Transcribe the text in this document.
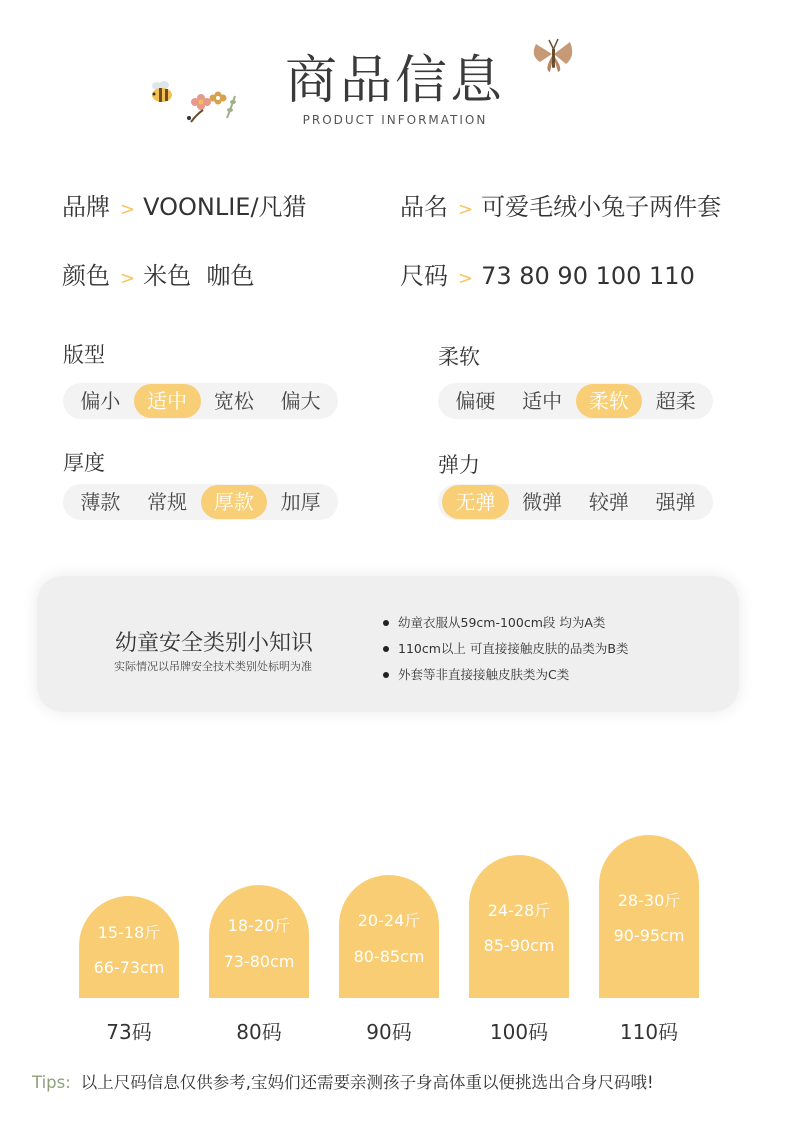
商品信息
PRODUCT INFORMATION
品牌 > VOONLIE/凡猎	品名 > 可爱毛绒小兔子两件套
颜色 > 米色  咖色	尺码 > 73 80 90 100 110
版型
偏小	适中	宽松	偏大
柔软
偏硬	适中	柔软	超柔
厚度
薄款	常规	厚款	加厚
弹力
无弹	微弹	较弹	强弹
幼童安全类别小知识
实际情况以吊牌安全技术类别处标明为准
幼童衣服从59cm-100cm段 均为A类
110cm以上 可直接接触皮肤的品类为B类
外套等非直接接触皮肤类为C类
15-18斤
66-73cm
18-20斤
73-80cm
20-24斤
80-85cm
24-28斤
85-90cm
28-30斤
90-95cm
73码	80码	90码	100码	110码
Tips: 以上尺码信息仅供参考,宝妈们还需要亲测孩子身高体重以便挑选出合身尺码哦!
